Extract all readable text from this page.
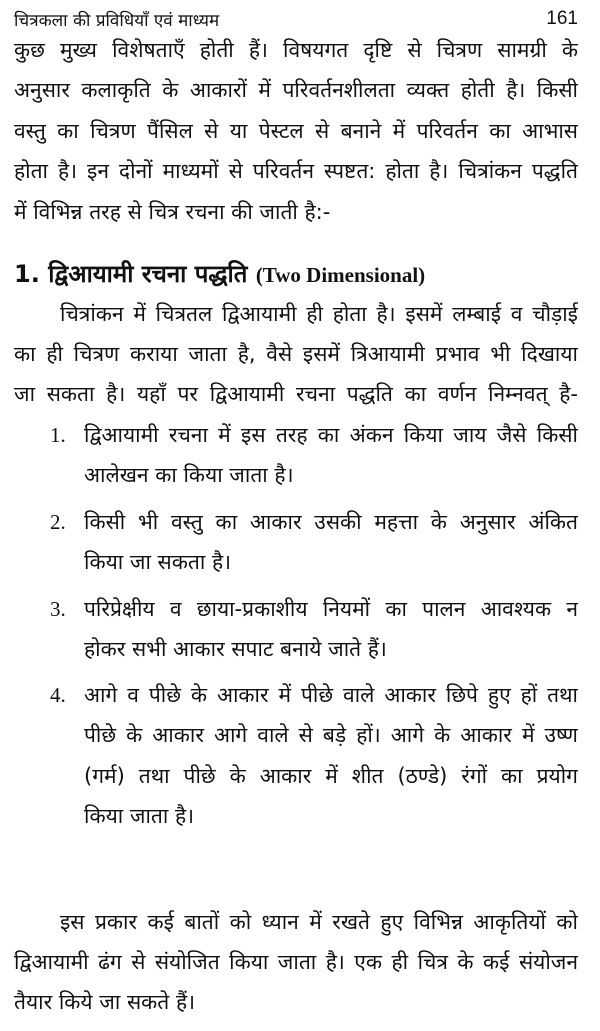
चित्रकला की प्रविधियाँ एवं माध्यम	161
कुछ मुख्य विशेषताएँ होती हैं। विषयगत दृष्टि से चित्रण सामग्री के
अनुसार कलाकृति के आकारों में परिवर्तनशीलता व्यक्त होती है। किसी
वस्तु का चित्रण पैंसिल से या पेस्टल से बनाने में परिवर्तन का आभास
होता है। इन दोनों माध्यमों से परिवर्तन स्पष्टत: होता है। चित्रांकन पद्धति
में विभिन्न तरह से चित्र रचना की जाती है:-
1. द्विआयामी रचना पद्धति (Two Dimensional)
चित्रांकन में चित्रतल द्विआयामी ही होता है। इसमें लम्बाई व चौड़ाई
का ही चित्रण कराया जाता है, वैसे इसमें त्रिआयामी प्रभाव भी दिखाया
जा सकता है। यहाँ पर द्विआयामी रचना पद्धति का वर्णन निम्नवत् है-
1. द्विआयामी रचना में इस तरह का अंकन किया जाय जैसे किसी
आलेखन का किया जाता है।
2. किसी भी वस्तु का आकार उसकी महत्ता के अनुसार अंकित
किया जा सकता है।
3. परिप्रेक्षीय व छाया-प्रकाशीय नियमों का पालन आवश्यक न
होकर सभी आकार सपाट बनाये जाते हैं।
4. आगे व पीछे के आकार में पीछे वाले आकार छिपे हुए हों तथा
पीछे के आकार आगे वाले से बड़े हों। आगे के आकार में उष्ण
(गर्म) तथा पीछे के आकार में शीत (ठण्डे) रंगों का प्रयोग
किया जाता है।
इस प्रकार कई बातों को ध्यान में रखते हुए विभिन्न आकृतियों को
द्विआयामी ढंग से संयोजित किया जाता है। एक ही चित्र के कई संयोजन
तैयार किये जा सकते हैं।
